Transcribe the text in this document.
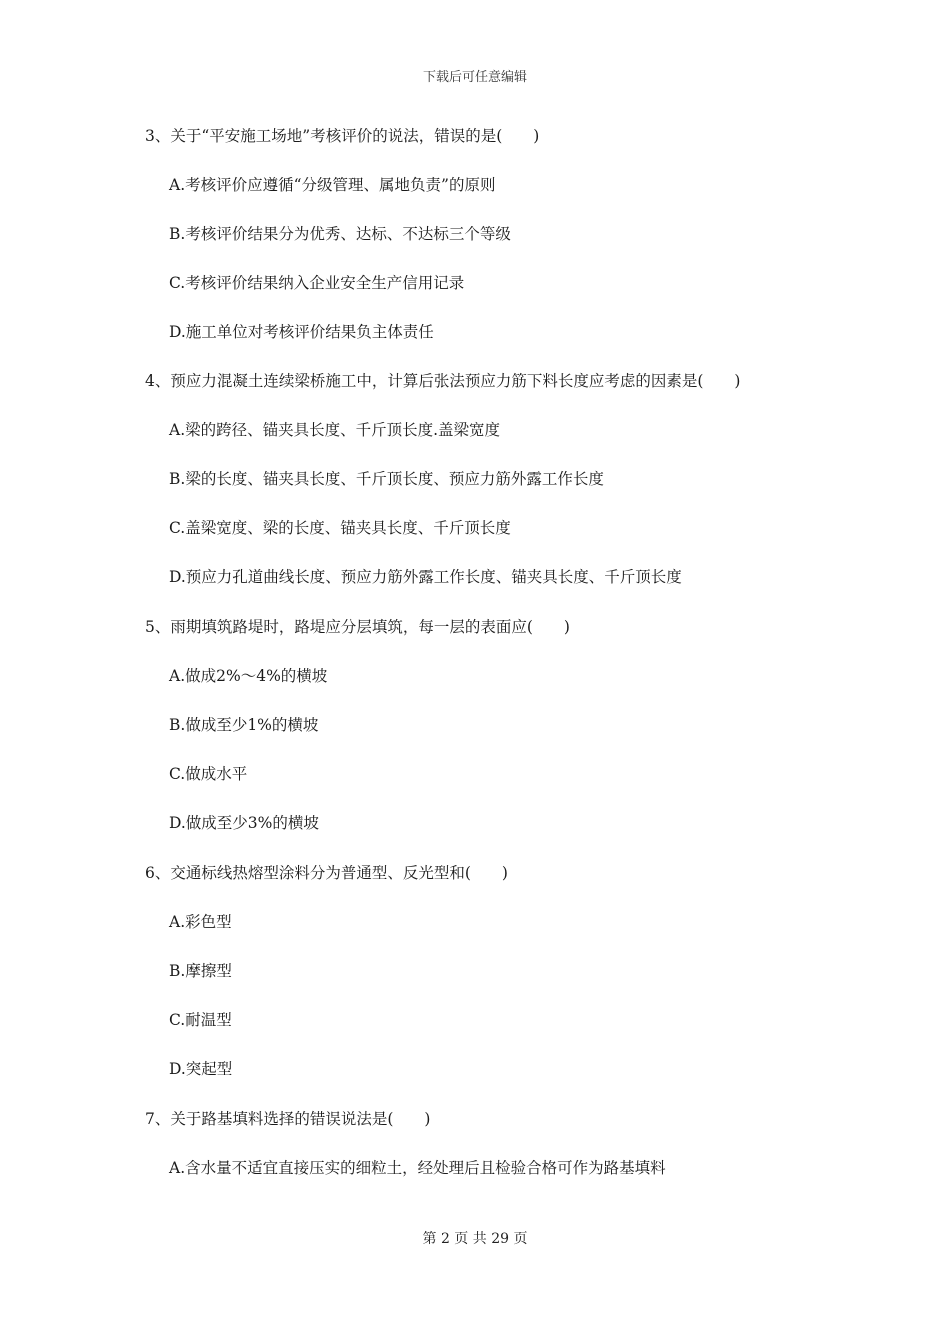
下载后可任意编辑
3、关于“平安施工场地”考核评价的说法，错误的是(　　)
A.考核评价应遵循“分级管理、属地负责”的原则
B.考核评价结果分为优秀、达标、不达标三个等级
C.考核评价结果纳入企业安全生产信用记录
D.施工单位对考核评价结果负主体责任
4、预应力混凝土连续梁桥施工中，计算后张法预应力筋下料长度应考虑的因素是(　　)
A.梁的跨径、锚夹具长度、千斤顶长度.盖梁宽度
B.梁的长度、锚夹具长度、千斤顶长度、预应力筋外露工作长度
C.盖梁宽度、梁的长度、锚夹具长度、千斤顶长度
D.预应力孔道曲线长度、预应力筋外露工作长度、锚夹具长度、千斤顶长度
5、雨期填筑路堤时，路堤应分层填筑，每一层的表面应(　　)
A.做成2%～4%的横坡
B.做成至少1%的横坡
C.做成水平
D.做成至少3%的横坡
6、交通标线热熔型涂料分为普通型、反光型和(　　)
A.彩色型
B.摩擦型
C.耐温型
D.突起型
7、关于路基填料选择的错误说法是(　　)
A.含水量不适宜直接压实的细粒土，经处理后且检验合格可作为路基填料
第 2 页 共 29 页
